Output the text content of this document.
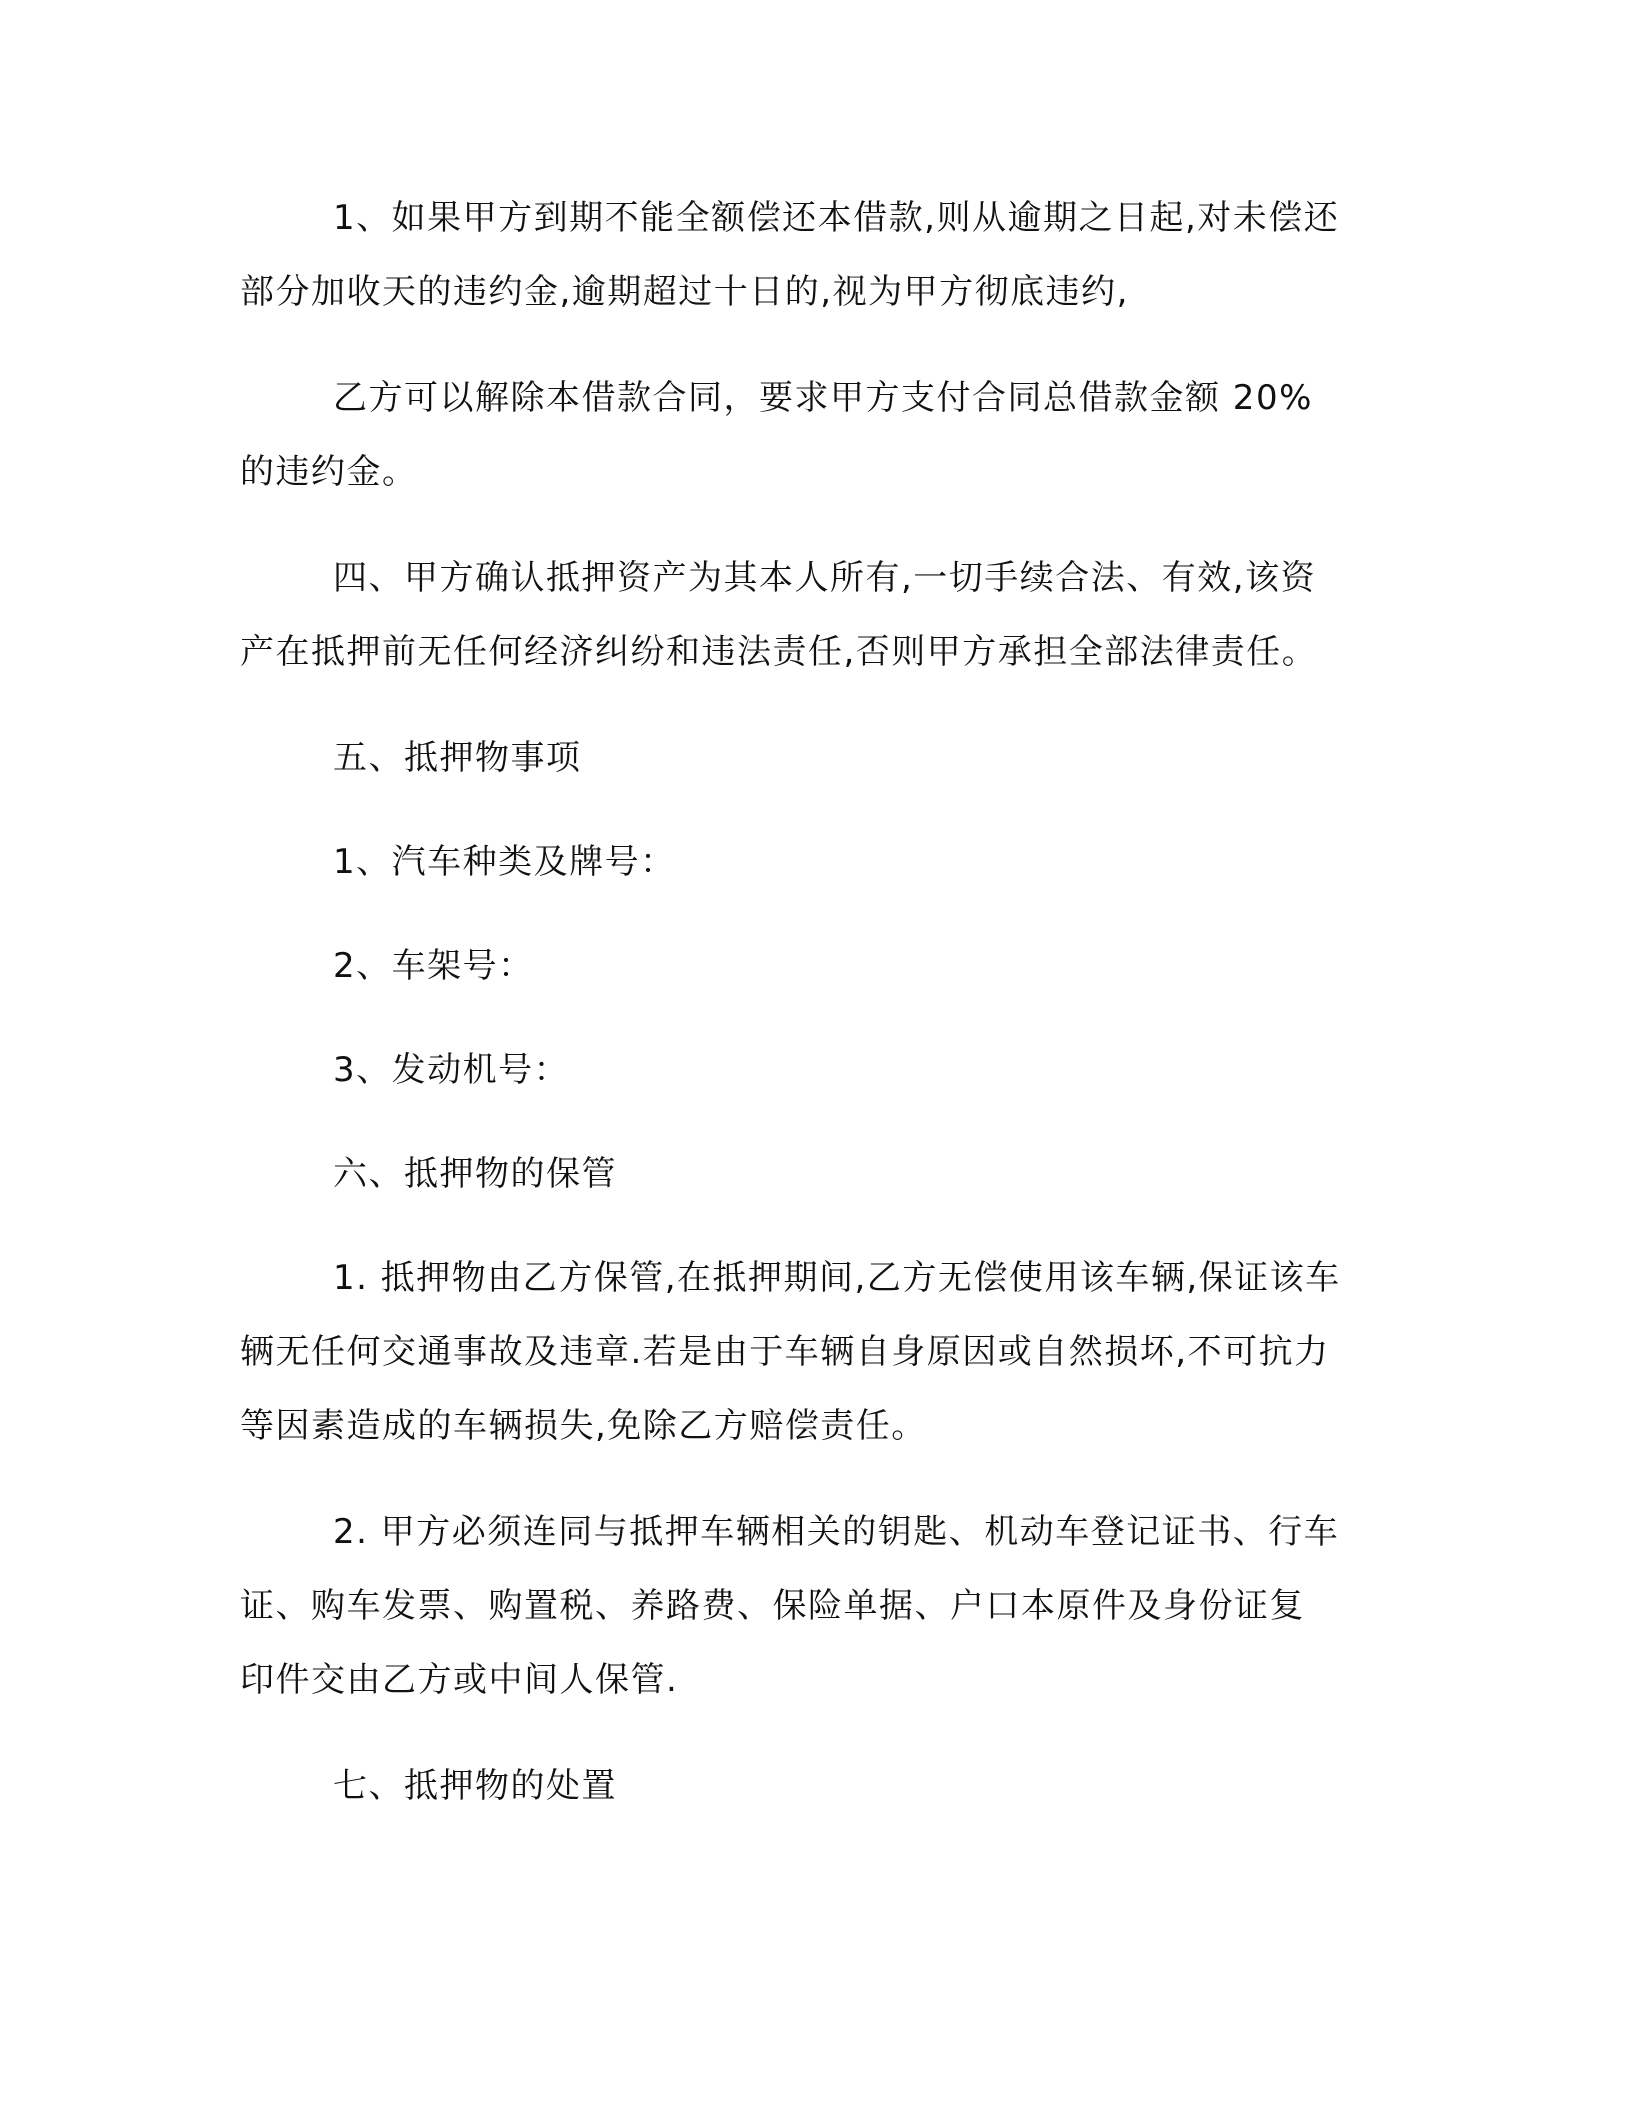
1、如果甲方到期不能全额偿还本借款,则从逾期之日起,对未偿还
部分加收天的违约金,逾期超过十日的,视为甲方彻底违约,
乙方可以解除本借款合同，要求甲方支付合同总借款金额 20%
的违约金。
四、甲方确认抵押资产为其本人所有,一切手续合法、有效,该资
产在抵押前无任何经济纠纷和违法责任,否则甲方承担全部法律责任。
五、抵押物事项
1、汽车种类及牌号：
2、车架号：
3、发动机号：
六、抵押物的保管
1. 抵押物由乙方保管,在抵押期间,乙方无偿使用该车辆,保证该车
辆无任何交通事故及违章.若是由于车辆自身原因或自然损坏,不可抗力
等因素造成的车辆损失,免除乙方赔偿责任。
2. 甲方必须连同与抵押车辆相关的钥匙、机动车登记证书、行车
证、购车发票、购置税、养路费、保险单据、户口本原件及身份证复
印件交由乙方或中间人保管.
七、抵押物的处置
